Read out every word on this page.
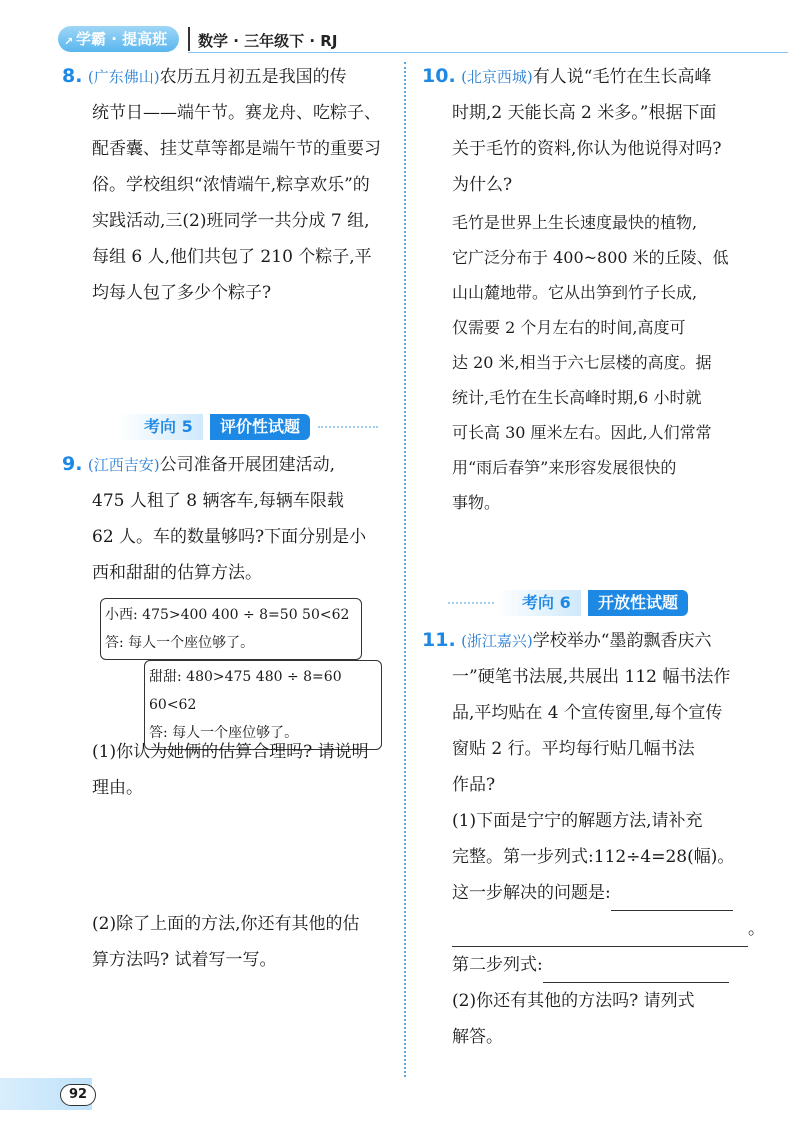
↗ 学霸 · 提高班	数学 · 三年级下 · RJ

8. (广东佛山)农历五月初五是我国的传

统节日——端午节。赛龙舟、吃粽子、

配香囊、挂艾草等都是端午节的重要习

俗。学校组织“浓情端午,粽享欢乐”的

实践活动,三(2)班同学一共分成 7 组,

每组 6 人,他们共包了 210 个粽子,平

均每人包了多少个粽子?

考向 5	评价性试题

9. (江西吉安)公司准备开展团建活动,

475 人租了 8 辆客车,每辆车限载

62 人。车的数量够吗?下面分别是小

西和甜甜的估算方法。

小西: 475>400 400 ÷ 8=50 50<62
答: 每人一个座位够了。
甜甜: 480>475 480 ÷ 8=60 60<62
答: 每人一个座位够了。

(1)你认为她俩的估算合理吗? 请说明

理由。

(2)除了上面的方法,你还有其他的估

算方法吗? 试着写一写。

10. (北京西城)有人说“毛竹在生长高峰

时期,2 天能长高 2 米多。”根据下面

关于毛竹的资料,你认为他说得对吗?

为什么?

毛竹是世界上生长速度最快的植物,

它广泛分布于 400~800 米的丘陵、低

山山麓地带。它从出笋到竹子长成,

仅需要 2 个月左右的时间,高度可

达 20 米,相当于六七层楼的高度。据

统计,毛竹在生长高峰时期,6 小时就

可长高 30 厘米左右。因此,人们常常

用“雨后春笋”来形容发展很快的

事物。

考向 6	开放性试题

11. (浙江嘉兴)学校举办“墨韵飘香庆六

一”硬笔书法展,共展出 112 幅书法作

品,平均贴在 4 个宣传窗里,每个宣传

窗贴 2 行。平均每行贴几幅书法

作品?

(1)下面是宁宁的解题方法,请补充

完整。第一步列式:112÷4=28(幅)。

这一步解决的问题是:

。

第二步列式:

(2)你还有其他的方法吗? 请列式

解答。

92
